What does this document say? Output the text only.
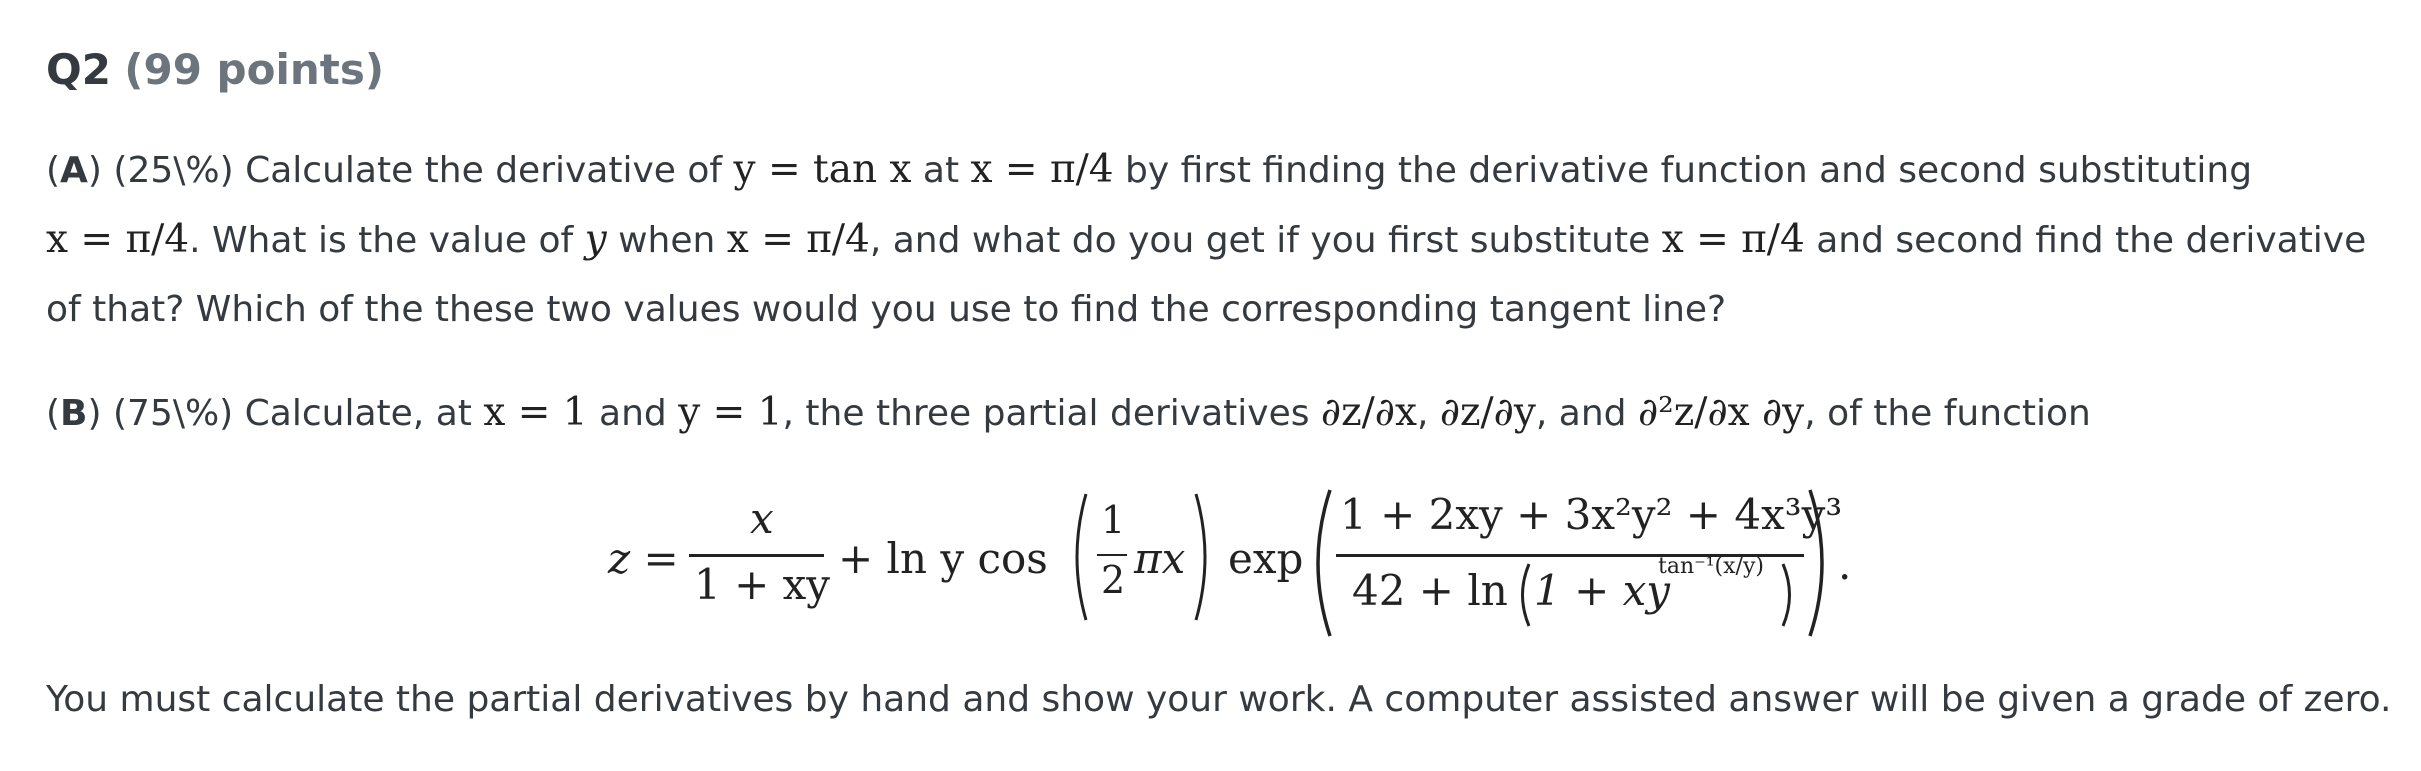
Q2 (99 points)
(A) (25\%) Calculate the derivative of y = tan x at x = π/4 by first finding the derivative function and second substituting
x = π/4. What is the value of y when x = π/4, and what do you get if you first substitute x = π/4 and second find the derivative
of that? Which of the these two values would you use to find the corresponding tangent line?
(B) (75\%) Calculate, at x = 1 and y = 1, the three partial derivatives ∂z/∂x, ∂z/∂y, and ∂²z/∂x ∂y, of the function
z =
x
1 + xy
+ ln y cos
1
2 πx exp
1 + 2xy + 3x²y² + 4x³y³
42 + ln 1 + xy
tan⁻¹(x/y) .
You must calculate the partial derivatives by hand and show your work. A computer assisted answer will be given a grade of zero.
